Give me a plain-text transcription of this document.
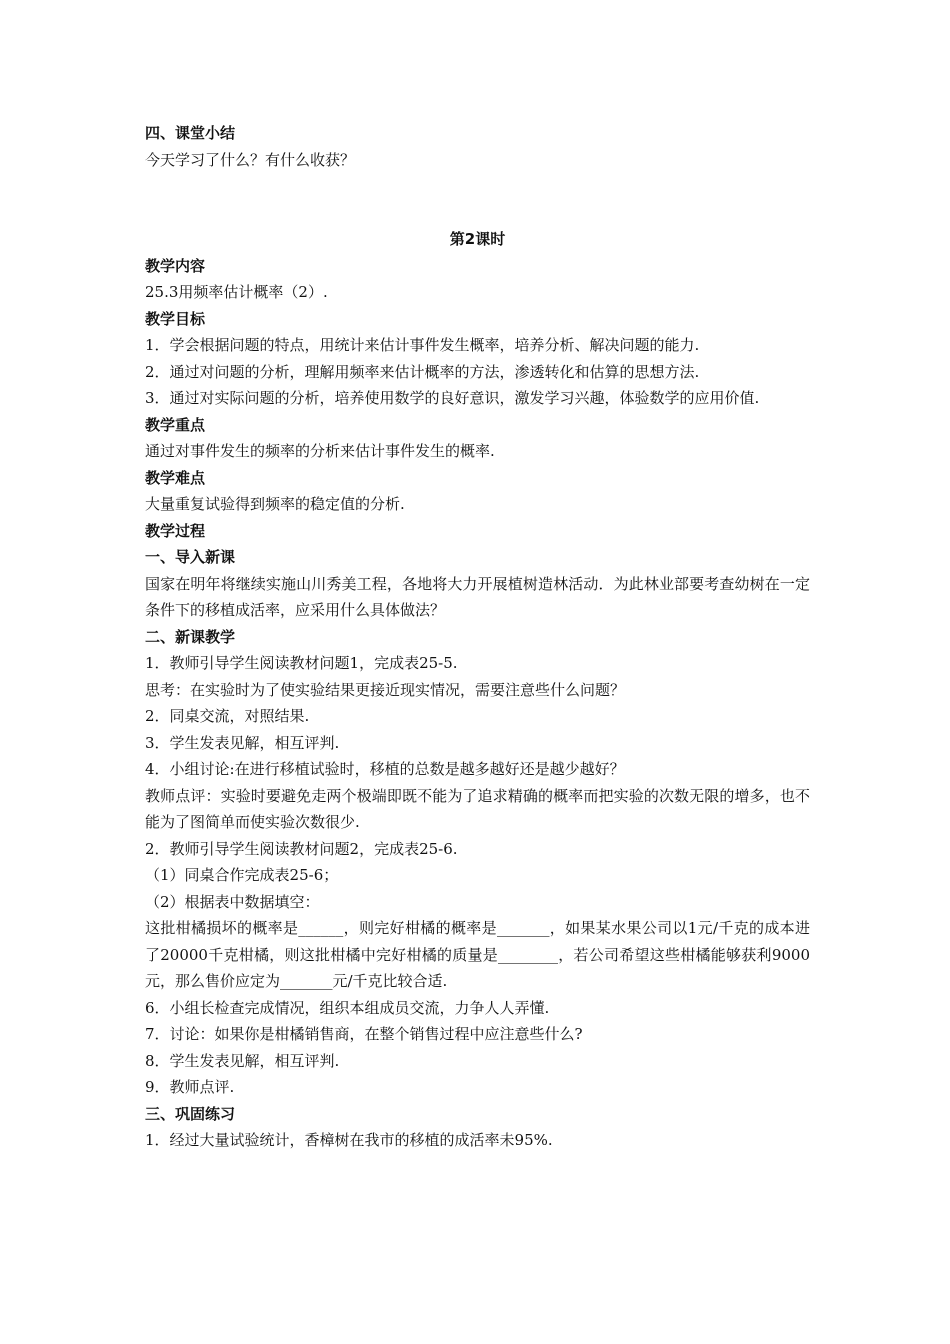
四、课堂小结
今天学习了什么？有什么收获？
第2课时
教学内容
25.3用频率估计概率（2）.
教学目标
1．学会根据问题的特点，用统计来估计事件发生概率，培养分析、解决问题的能力.
2．通过对问题的分析，理解用频率来估计概率的方法，渗透转化和估算的思想方法.
3．通过对实际问题的分析，培养使用数学的良好意识，激发学习兴趣，体验数学的应用价值.
教学重点
通过对事件发生的频率的分析来估计事件发生的概率.
教学难点
大量重复试验得到频率的稳定值的分析.
教学过程
一、导入新课
国家在明年将继续实施山川秀美工程，各地将大力开展植树造林活动．为此林业部要考查幼树在一定条件下的移植成活率，应采用什么具体做法？
二、新课教学
1．教师引导学生阅读教材问题1，完成表25-5.
思考：在实验时为了使实验结果更接近现实情况，需要注意些什么问题？
2．同桌交流，对照结果.
3．学生发表见解，相互评判.
4．小组讨论:在进行移植试验时，移植的总数是越多越好还是越少越好？
教师点评：实验时要避免走两个极端即既不能为了追求精确的概率而把实验的次数无限的增多，也不能为了图简单而使实验次数很少.
2．教师引导学生阅读教材问题2，完成表25-6.
（1）同桌合作完成表25-6；
（2）根据表中数据填空：
这批柑橘损坏的概率是______，则完好柑橘的概率是_______，如果某水果公司以1元/千克的成本进了20000千克柑橘，则这批柑橘中完好柑橘的质量是________，若公司希望这些柑橘能够获利9000元，那么售价应定为_______元/千克比较合适.
6．小组长检查完成情况，组织本组成员交流，力争人人弄懂.
7．讨论：如果你是柑橘销售商，在整个销售过程中应注意些什么?
8．学生发表见解，相互评判.
9．教师点评.
三、巩固练习
1．经过大量试验统计，香樟树在我市的移植的成活率未95%.
